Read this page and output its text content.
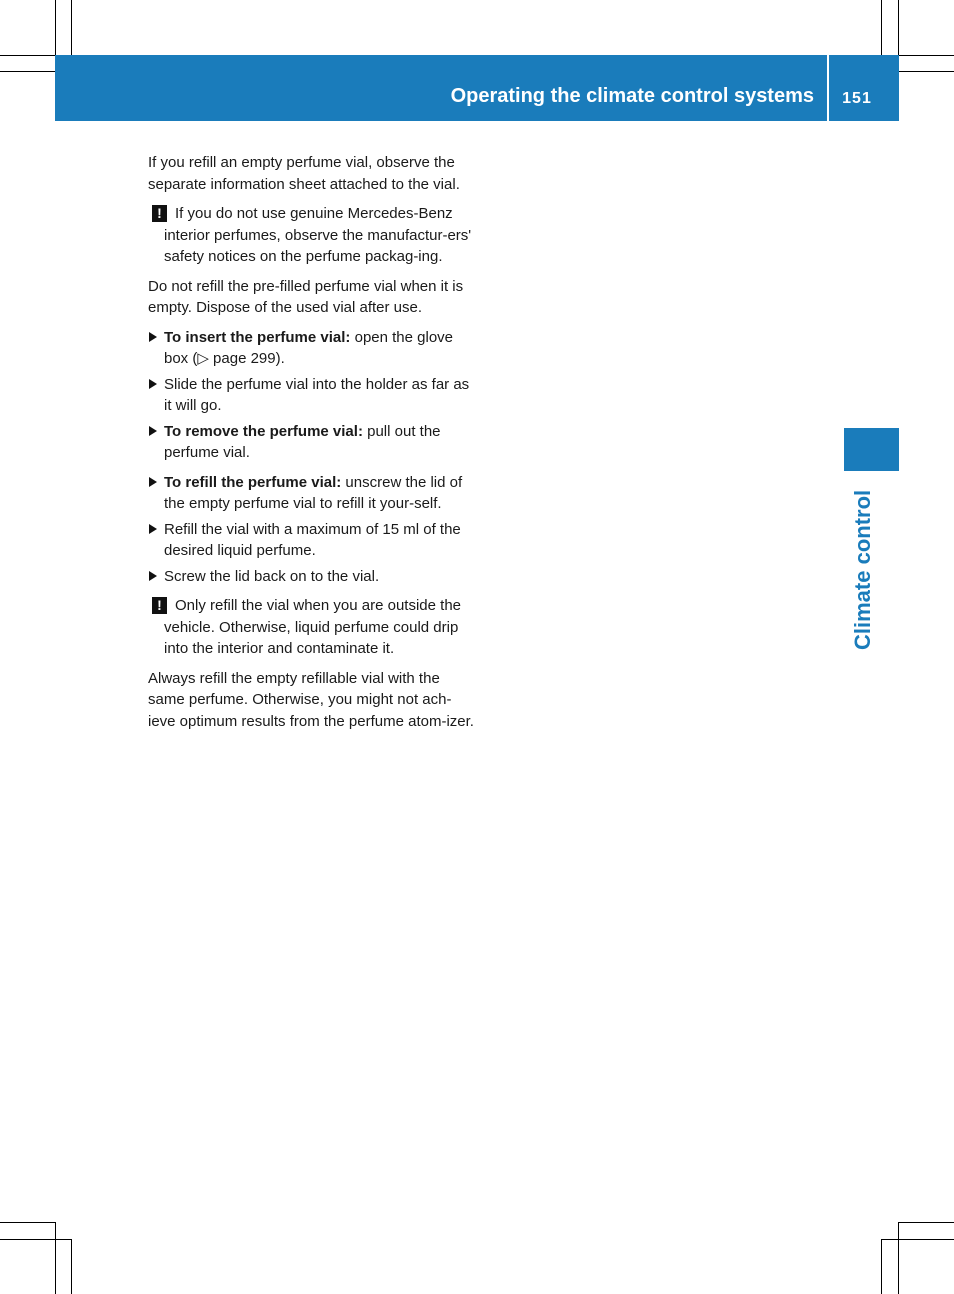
Operating the climate control systems	151
Climate control

If you refill an empty perfume vial, observe the separate information sheet attached to the vial.

! If you do not use genuine Mercedes-Benz interior perfumes, observe the manufactur-ers' safety notices on the perfume packag-ing.

Do not refill the pre-filled perfume vial when it is empty. Dispose of the used vial after use.

To insert the perfume vial: open the glove box (▷ page 299).
Slide the perfume vial into the holder as far as it will go.
To remove the perfume vial: pull out the perfume vial.
To refill the perfume vial: unscrew the lid of the empty perfume vial to refill it your-self.
Refill the vial with a maximum of 15 ml of the desired liquid perfume.
Screw the lid back on to the vial.
! Only refill the vial when you are outside the vehicle. Otherwise, liquid perfume could drip into the interior and contaminate it.

Always refill the empty refillable vial with the same perfume. Otherwise, you might not ach-ieve optimum results from the perfume atom-izer.
